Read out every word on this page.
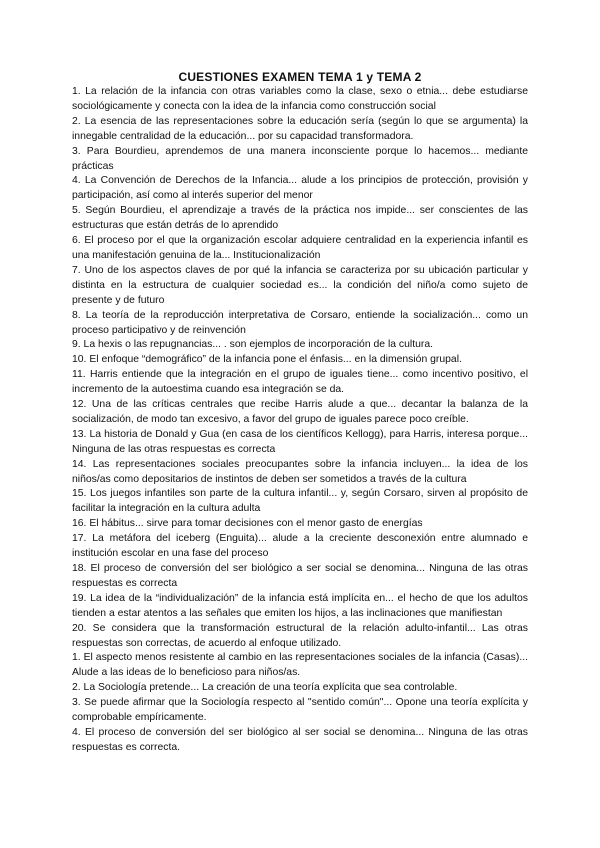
CUESTIONES EXAMEN TEMA 1 y TEMA 2

1. La relación de la infancia con otras variables como la clase, sexo o etnia... debe estudiarse sociológicamente y conecta con la idea de la infancia como construcción social

2. La esencia de las representaciones sobre la educación sería (según lo que se argumenta) la innegable centralidad de la educación... por su capacidad transformadora.

3. Para Bourdieu, aprendemos de una manera inconsciente porque lo hacemos... mediante prácticas

4. La Convención de Derechos de la Infancia... alude a los principios de protección, provisión y participación, así como al interés superior del menor

5. Según Bourdieu, el aprendizaje a través de la práctica nos impide... ser conscientes de las estructuras que están detrás de lo aprendido

6. El proceso por el que la organización escolar adquiere centralidad en la experiencia infantil es una manifestación genuina de la... Institucionalización

7. Uno de los aspectos claves de por qué la infancia se caracteriza por su ubicación particular y distinta en la estructura de cualquier sociedad es... la condición del niño/a como sujeto de presente y de futuro

8. La teoría de la reproducción interpretativa de Corsaro, entiende la socialización... como un proceso participativo y de reinvención

9. La hexis o las repugnancias... . son ejemplos de incorporación de la cultura.

10. El enfoque “demográfico” de la infancia pone el énfasis... en la dimensión grupal.

11. Harris entiende que la integración en el grupo de iguales tiene... como incentivo positivo, el incremento de la autoestima cuando esa integración se da.

12. Una de las críticas centrales que recibe Harris alude a que... decantar la balanza de la socialización, de modo tan excesivo, a favor del grupo de iguales parece poco creíble.

13. La historia de Donald y Gua (en casa de los científicos Kellogg), para Harris, interesa porque... Ninguna de las otras respuestas es correcta

14. Las representaciones sociales preocupantes sobre la infancia incluyen... la idea de los niños/as como depositarios de instintos de deben ser sometidos a través de la cultura

15. Los juegos infantiles son parte de la cultura infantil... y, según Corsaro, sirven al propósito de facilitar la integración en la cultura adulta

16. El hábitus... sirve para tomar decisiones con el menor gasto de energías

17. La metáfora del iceberg (Enguita)... alude a la creciente desconexión entre alumnado e institución escolar en una fase del proceso

18. El proceso de conversión del ser biológico a ser social se denomina... Ninguna de las otras respuestas es correcta

19. La idea de la “individualización” de la infancia está implícita en... el hecho de que los adultos tienden a estar atentos a las señales que emiten los hijos, a las inclinaciones que manifiestan

20. Se considera que la transformación estructural de la relación adulto-infantil... Las otras respuestas son correctas, de acuerdo al enfoque utilizado.

1. El aspecto menos resistente al cambio en las representaciones sociales de la infancia (Casas)... Alude a las ideas de lo beneficioso para niños/as.

2. La Sociología pretende... La creación de una teoría explícita que sea controlable.

3. Se puede afirmar que la Sociología respecto al "sentido común"... Opone una teoría explícita y comprobable empíricamente.

4. El proceso de conversión del ser biológico al ser social se denomina... Ninguna de las otras respuestas es correcta.
